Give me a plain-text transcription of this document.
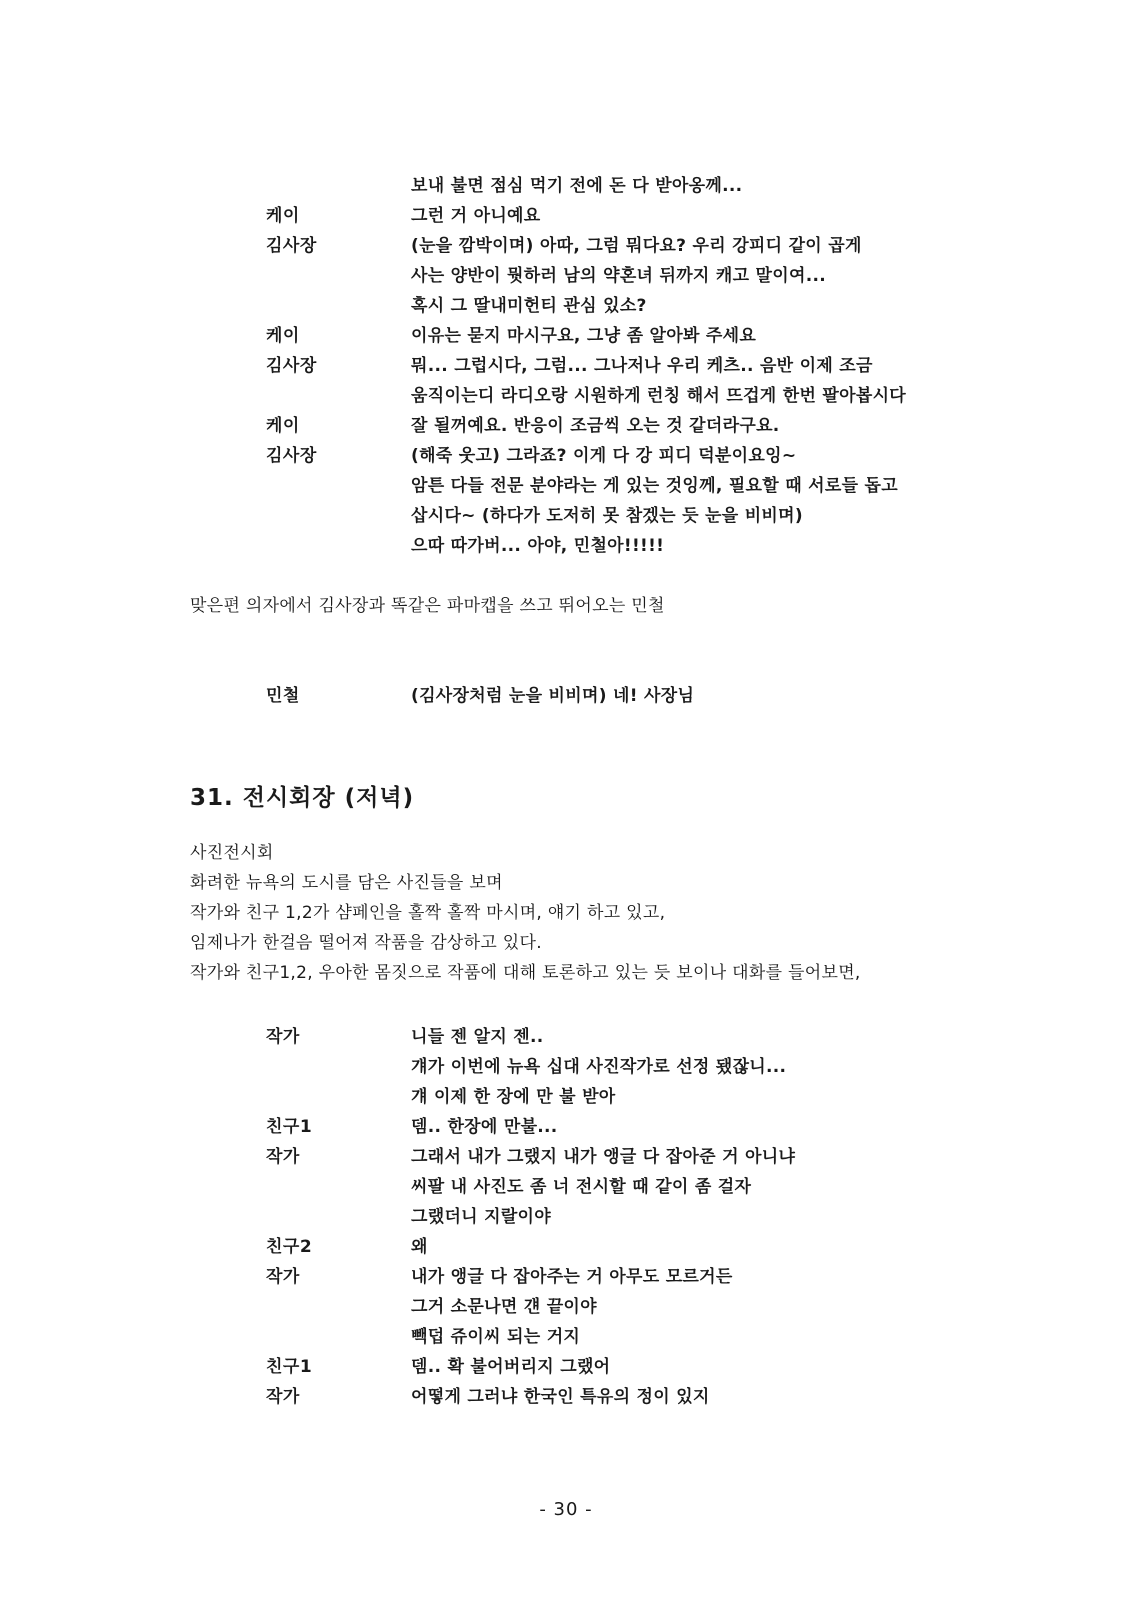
보내 불면 점심 먹기 전에 돈 다 받아옹께...
케이	그런 거 아니예요
김사장	(눈을 깜박이며) 아따, 그럼 뭐다요? 우리 강피디 같이 곱게
사는 양반이 뭣하러 남의 약혼녀 뒤까지 캐고 말이여...
혹시 그 딸내미헌티 관심 있소?
케이	이유는 묻지 마시구요, 그냥 좀 알아봐 주세요
김사장	뭐... 그럽시다, 그럼... 그나저나 우리 케츠.. 음반 이제 조금
움직이는디 라디오랑 시원하게 런칭 해서 뜨겁게 한번 팔아봅시다
케이	잘 될꺼예요. 반응이 조금씩 오는 것 같더라구요.
김사장	(해죽 웃고) 그라죠? 이게 다 강 피디 덕분이요잉~
암튼 다들 전문 분야라는 게 있는 것잉께, 필요할 때 서로들 돕고
삽시다~ (하다가 도저히 못 참겠는 듯 눈을 비비며)
으따 따가버... 아야, 민철아!!!!!
맞은편 의자에서 김사장과 똑같은 파마캡을 쓰고 뛰어오는 민철
민철	(김사장처럼 눈을 비비며) 네! 사장님
31. 전시회장 (저녁)
사진전시회
화려한 뉴욕의 도시를 담은 사진들을 보며
작가와 친구 1,2가 샴페인을 홀짝 홀짝 마시며, 얘기 하고 있고,
임제나가 한걸음 떨어져 작품을 감상하고 있다.
작가와 친구1,2, 우아한 몸짓으로 작품에 대해 토론하고 있는 듯 보이나 대화를 들어보면,
작가	니들 젠 알지 젠..
걔가 이번에 뉴욕 십대 사진작가로 선정 됐잖니...
걔 이제 한 장에 만 불 받아
친구1	뎀.. 한장에 만불...
작가	그래서 내가 그랬지 내가 앵글 다 잡아준 거 아니냐
씨팔 내 사진도 좀 너 전시할 때 같이 좀 걸자
그랬더니 지랄이야
친구2	왜
작가	내가 앵글 다 잡아주는 거 아무도 모르거든
그거 소문나면 걘 끝이야
빽덥 쥬이씨 되는 거지
친구1	뎀.. 확 불어버리지 그랬어
작가	어떻게 그러냐 한국인 특유의 정이 있지
- 30 -
